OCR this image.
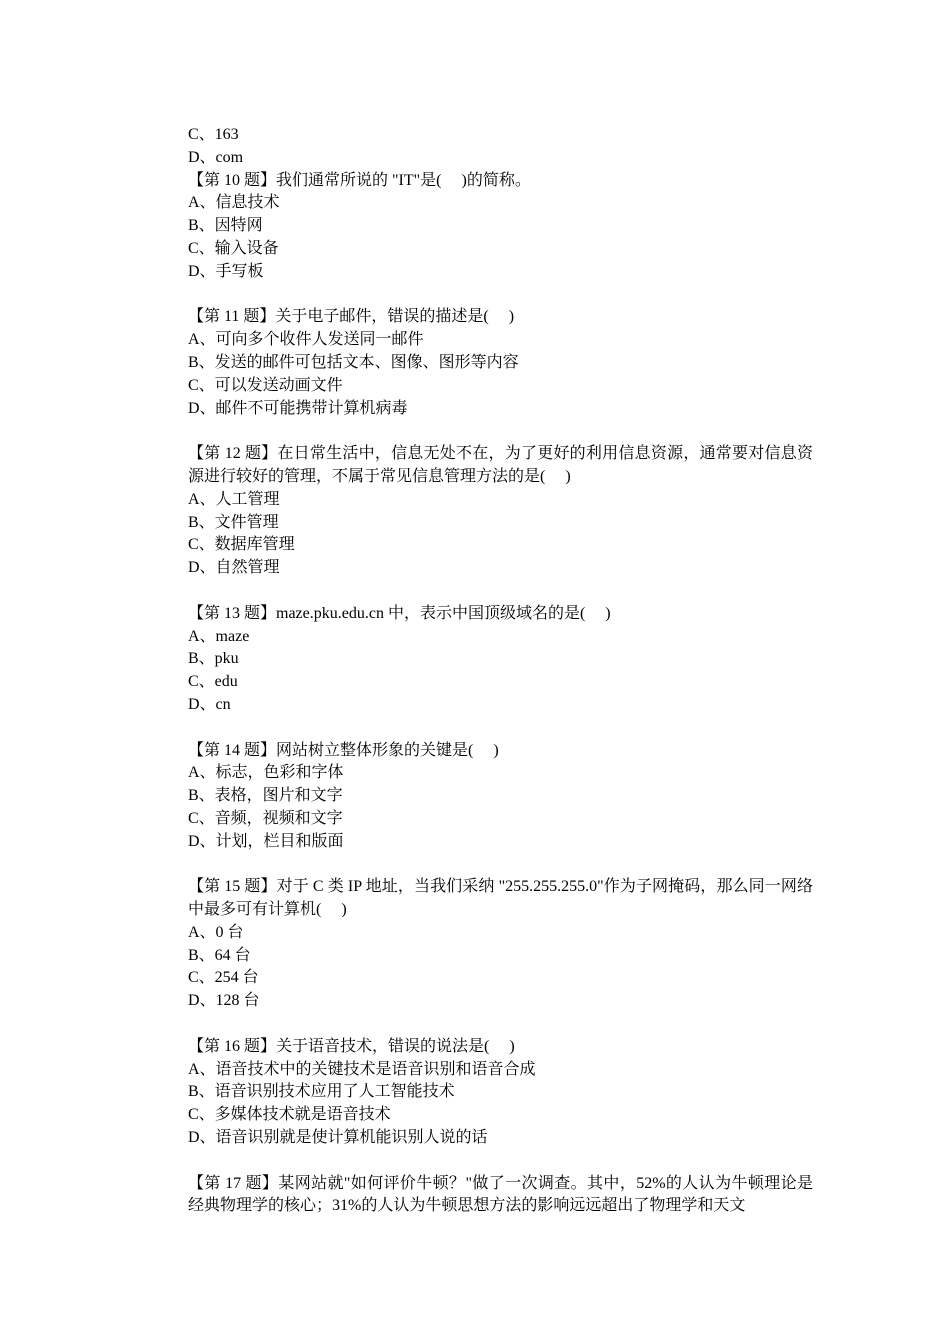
C、163
D、com
【第 10 题】我们通常所说的 "IT"是(　 )的简称。
A、信息技术
B、因特网
C、输入设备
D、手写板
【第 11 题】关于电子邮件，错误的描述是(　 )
A、可向多个收件人发送同一邮件
B、发送的邮件可包括文本、图像、图形等内容
C、可以发送动画文件
D、邮件不可能携带计算机病毒
【第 12 题】在日常生活中，信息无处不在，为了更好的利用信息资源，通常要对信息资源进行较好的管理，不属于常见信息管理方法的是(　 )
A、人工管理
B、文件管理
C、数据库管理
D、自然管理
【第 13 题】maze.pku.edu.cn 中，表示中国顶级域名的是(　 )
A、maze
B、pku
C、edu
D、cn
【第 14 题】网站树立整体形象的关键是(　 )
A、标志，色彩和字体
B、表格，图片和文字
C、音频，视频和文字
D、计划，栏目和版面
【第 15 题】对于 C 类 IP 地址，当我们采纳 "255.255.255.0"作为子网掩码，那么同一网络中最多可有计算机(　 )
A、0 台
B、64 台
C、254 台
D、128 台
【第 16 题】关于语音技术，错误的说法是(　 )
A、语音技术中的关键技术是语音识别和语音合成
B、语音识别技术应用了人工智能技术
C、多媒体技术就是语音技术
D、语音识别就是使计算机能识别人说的话
【第 17 题】某网站就"如何评价牛顿？"做了一次调查。其中，52%的人认为牛顿理论是经典物理学的核心；31%的人认为牛顿思想方法的影响远远超出了物理学和天文
